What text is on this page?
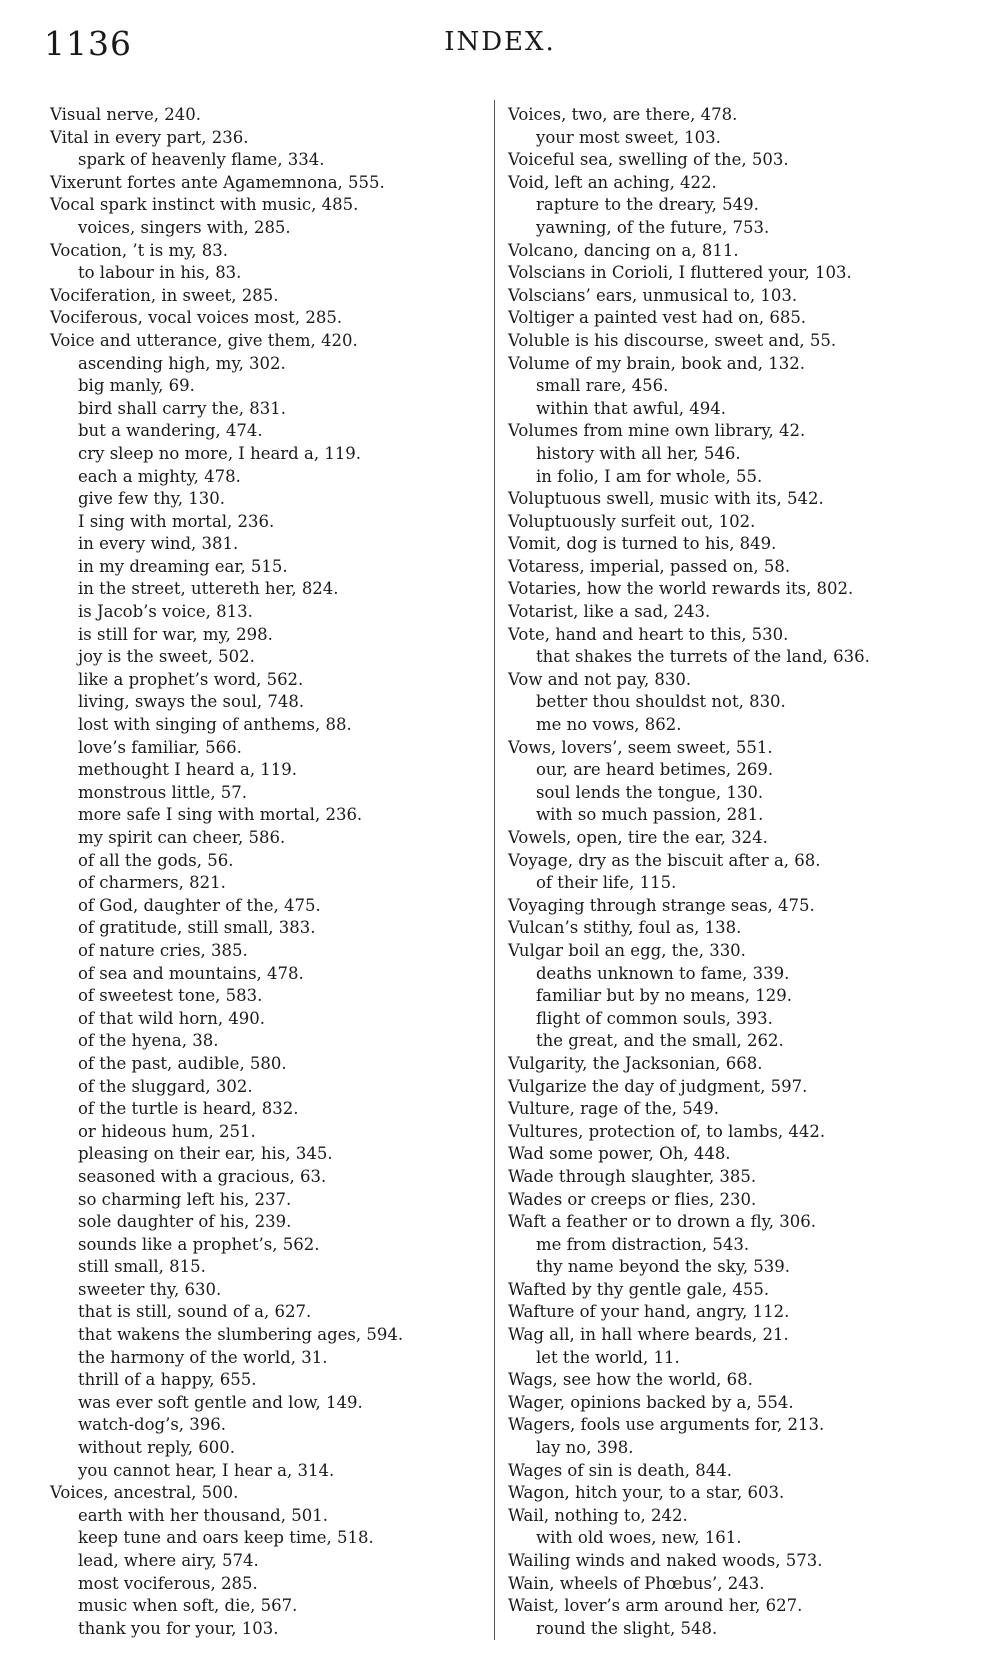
1136	INDEX.
Visual nerve, 240.
Vital in every part, 236.
spark of heavenly flame, 334.
Vixerunt fortes ante Agamemnona, 555.
Vocal spark instinct with music, 485.
voices, singers with, 285.
Vocation, ’t is my, 83.
to labour in his, 83.
Vociferation, in sweet, 285.
Vociferous, vocal voices most, 285.
Voice and utterance, give them, 420.
ascending high, my, 302.
big manly, 69.
bird shall carry the, 831.
but a wandering, 474.
cry sleep no more, I heard a, 119.
each a mighty, 478.
give few thy, 130.
I sing with mortal, 236.
in every wind, 381.
in my dreaming ear, 515.
in the street, uttereth her, 824.
is Jacob’s voice, 813.
is still for war, my, 298.
joy is the sweet, 502.
like a prophet’s word, 562.
living, sways the soul, 748.
lost with singing of anthems, 88.
love’s familiar, 566.
methought I heard a, 119.
monstrous little, 57.
more safe I sing with mortal, 236.
my spirit can cheer, 586.
of all the gods, 56.
of charmers, 821.
of God, daughter of the, 475.
of gratitude, still small, 383.
of nature cries, 385.
of sea and mountains, 478.
of sweetest tone, 583.
of that wild horn, 490.
of the hyena, 38.
of the past, audible, 580.
of the sluggard, 302.
of the turtle is heard, 832.
or hideous hum, 251.
pleasing on their ear, his, 345.
seasoned with a gracious, 63.
so charming left his, 237.
sole daughter of his, 239.
sounds like a prophet’s, 562.
still small, 815.
sweeter thy, 630.
that is still, sound of a, 627.
that wakens the slumbering ages, 594.
the harmony of the world, 31.
thrill of a happy, 655.
was ever soft gentle and low, 149.
watch-dog’s, 396.
without reply, 600.
you cannot hear, I hear a, 314.
Voices, ancestral, 500.
earth with her thousand, 501.
keep tune and oars keep time, 518.
lead, where airy, 574.
most vociferous, 285.
music when soft, die, 567.
thank you for your, 103.
Voices, two, are there, 478.
your most sweet, 103.
Voiceful sea, swelling of the, 503.
Void, left an aching, 422.
rapture to the dreary, 549.
yawning, of the future, 753.
Volcano, dancing on a, 811.
Volscians in Corioli, I fluttered your, 103.
Volscians’ ears, unmusical to, 103.
Voltiger a painted vest had on, 685.
Voluble is his discourse, sweet and, 55.
Volume of my brain, book and, 132.
small rare, 456.
within that awful, 494.
Volumes from mine own library, 42.
history with all her, 546.
in folio, I am for whole, 55.
Voluptuous swell, music with its, 542.
Voluptuously surfeit out, 102.
Vomit, dog is turned to his, 849.
Votaress, imperial, passed on, 58.
Votaries, how the world rewards its, 802.
Votarist, like a sad, 243.
Vote, hand and heart to this, 530.
that shakes the turrets of the land, 636.
Vow and not pay, 830.
better thou shouldst not, 830.
me no vows, 862.
Vows, lovers’, seem sweet, 551.
our, are heard betimes, 269.
soul lends the tongue, 130.
with so much passion, 281.
Vowels, open, tire the ear, 324.
Voyage, dry as the biscuit after a, 68.
of their life, 115.
Voyaging through strange seas, 475.
Vulcan’s stithy, foul as, 138.
Vulgar boil an egg, the, 330.
deaths unknown to fame, 339.
familiar but by no means, 129.
flight of common souls, 393.
the great, and the small, 262.
Vulgarity, the Jacksonian, 668.
Vulgarize the day of judgment, 597.
Vulture, rage of the, 549.
Vultures, protection of, to lambs, 442.
Wad some power, Oh, 448.
Wade through slaughter, 385.
Wades or creeps or flies, 230.
Waft a feather or to drown a fly, 306.
me from distraction, 543.
thy name beyond the sky, 539.
Wafted by thy gentle gale, 455.
Wafture of your hand, angry, 112.
Wag all, in hall where beards, 21.
let the world, 11.
Wags, see how the world, 68.
Wager, opinions backed by a, 554.
Wagers, fools use arguments for, 213.
lay no, 398.
Wages of sin is death, 844.
Wagon, hitch your, to a star, 603.
Wail, nothing to, 242.
with old woes, new, 161.
Wailing winds and naked woods, 573.
Wain, wheels of Phœbus’, 243.
Waist, lover’s arm around her, 627.
round the slight, 548.
